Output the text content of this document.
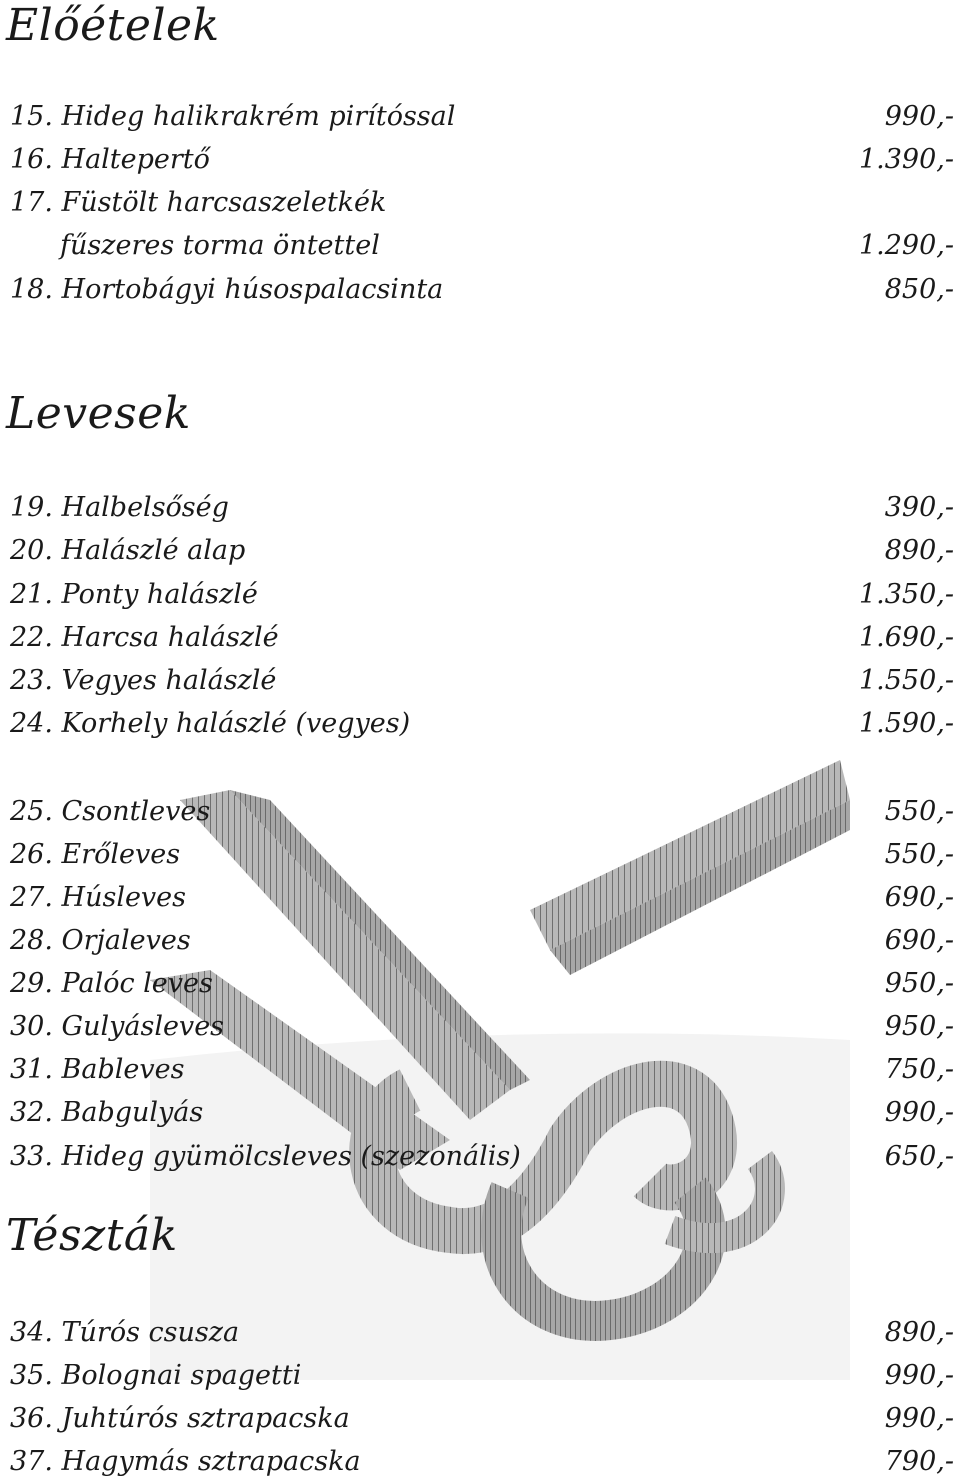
Előételek
15. Hideg halikrakrém pirítóssal	990,-
16. Haltepertő	1.390,-
17. Füstölt harcsaszeletkék
fűszeres torma öntettel	1.290,-
18. Hortobágyi húsospalacsinta	850,-
Levesek
19. Halbelsőség	390,-
20. Halászlé alap	890,-
21. Ponty halászlé	1.350,-
22. Harcsa halászlé	1.690,-
23. Vegyes halászlé	1.550,-
24. Korhely halászlé (vegyes)	1.590,-
25. Csontleves	550,-
26. Erőleves	550,-
27. Húsleves	690,-
28. Orjaleves	690,-
29. Palóc leves	950,-
30. Gulyásleves	950,-
31. Bableves	750,-
32. Babgulyás	990,-
33. Hideg gyümölcsleves (szezonális)	650,-
Tészták
34. Túrós csusza	890,-
35. Bolognai spagetti	990,-
36. Juhtúrós sztrapacska	990,-
37. Hagymás sztrapacska	790,-
